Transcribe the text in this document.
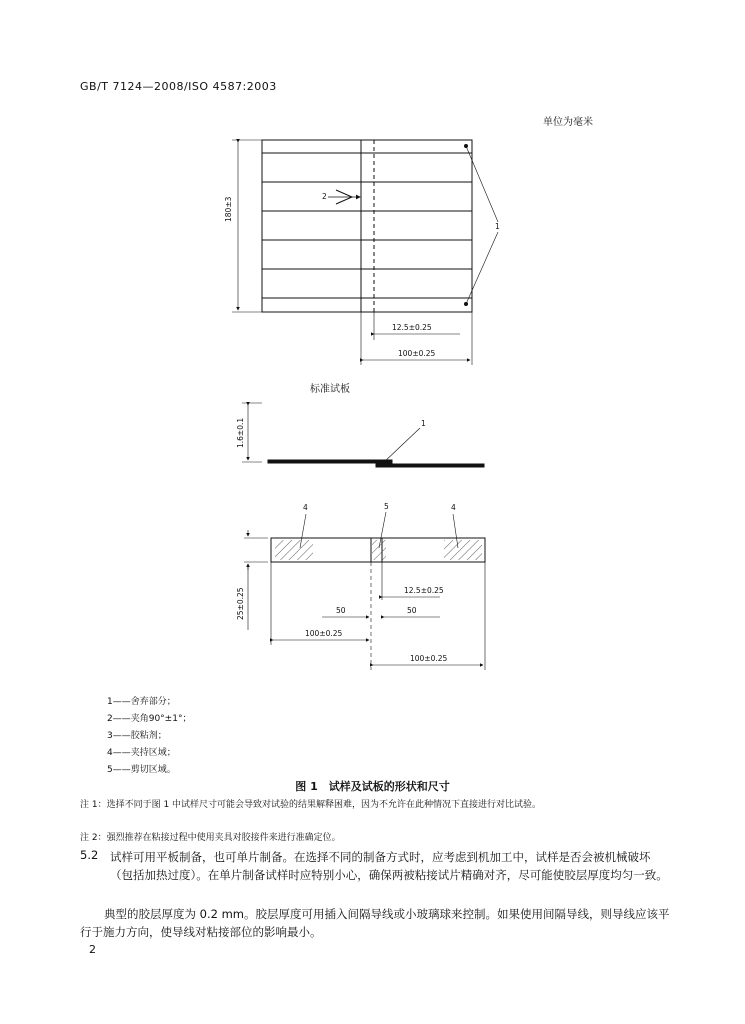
GB/T 7124—2008/ISO 4587:2003
单位为毫米
180±3
1
2
12.5±0.25
100±0.25
标准试板
1.6±0.1	1
4	5	4
12.5±0.25
25±0.25	50	50
100±0.25
100±0.25
1——舍弃部分；
2——夹角90°±1°；
3——胶粘剂；
4——夹持区域；
5——剪切区域。
图 1　试样及试板的形状和尺寸
注 1：选择不同于图 1 中试样尺寸可能会导致对试验的结果解释困难，因为不允许在此种情况下直接进行对比试验。
注 2：强烈推荐在粘接过程中使用夹具对胶接件来进行准确定位。
5.2 试样可用平板制备，也可单片制备。在选择不同的制备方式时，应考虑到机加工中，试样是否会被机械破坏（包括加热过度）。在单片制备试样时应特别小心，确保两被粘接试片精确对齐，尽可能使胶层厚度均匀一致。
典型的胶层厚度为 0.2 mm。胶层厚度可用插入间隔导线或小玻璃球来控制。如果使用间隔导线，则导线应该平行于施力方向，使导线对粘接部位的影响最小。
2
